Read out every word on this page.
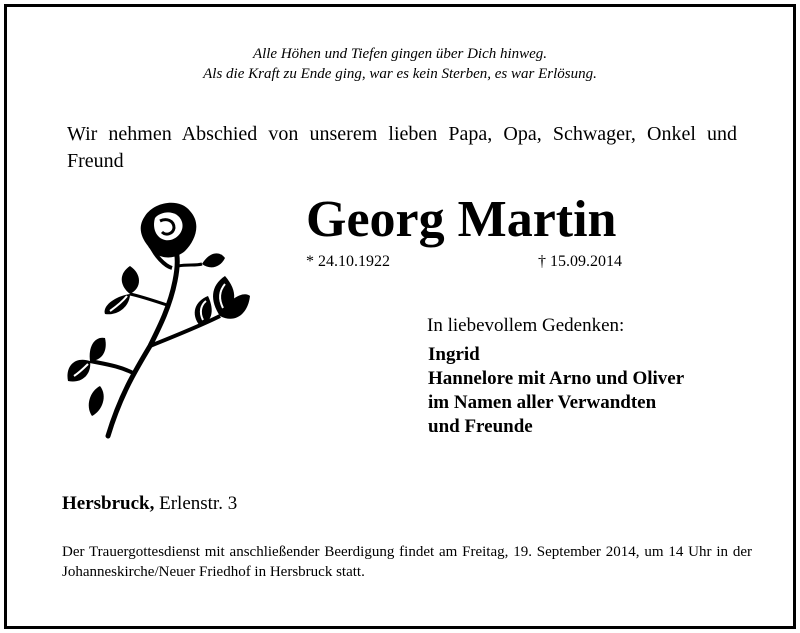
Alle Höhen und Tiefen gingen über Dich hinweg.
Als die Kraft zu Ende ging, war es kein Sterben, es war Erlösung.
Wir nehmen Abschied von unserem lieben Papa, Opa, Schwager, Onkel und Freund
Georg Martin
* 24.10.1922	† 15.09.2014
In liebevollem Gedenken:
Ingrid
Hannelore mit Arno und Oliver
im Namen aller Verwandten
und Freunde
Hersbruck, Erlenstr. 3
Der Trauergottesdienst mit anschließender Beerdigung findet am Freitag, 19. September 2014, um 14 Uhr in der Johanneskirche/Neuer Friedhof in Hersbruck statt.
